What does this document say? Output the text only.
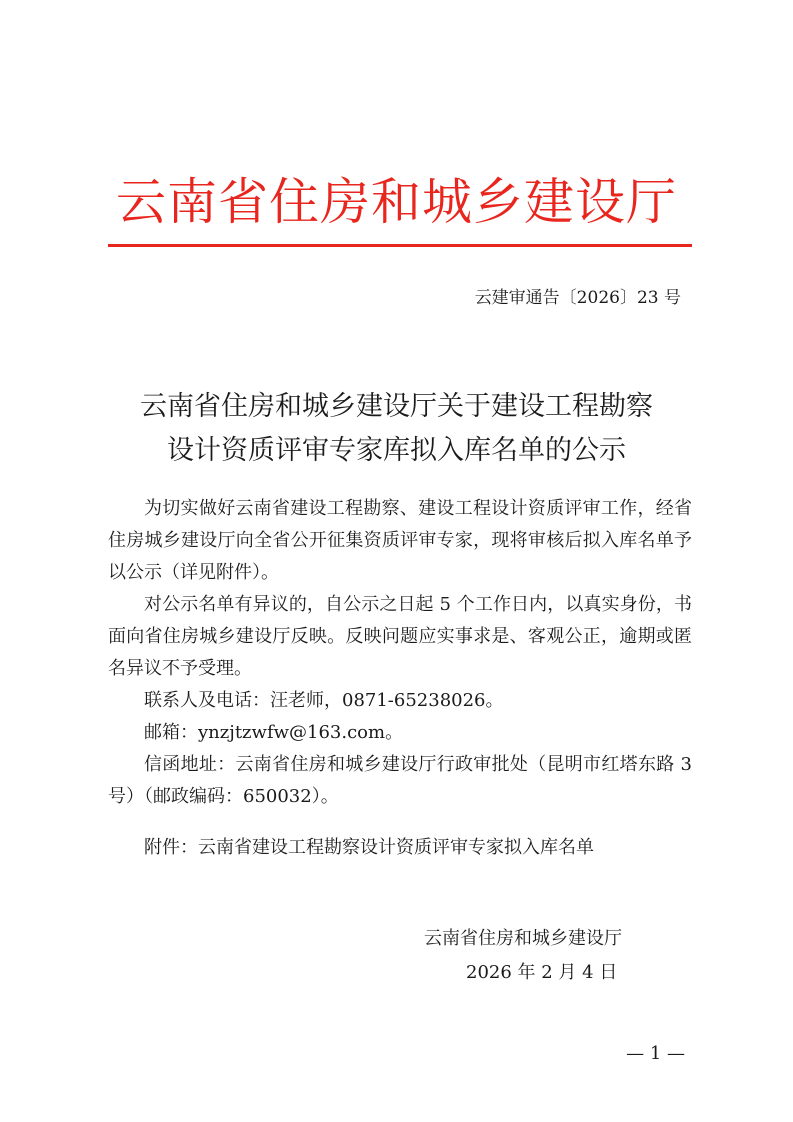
云南省住房和城乡建设厅
云建审通告〔2026〕23 号
云南省住房和城乡建设厅关于建设工程勘察
设计资质评审专家库拟入库名单的公示

为切实做好云南省建设工程勘察、建设工程设计资质评审工作，经省住房城乡建设厅向全省公开征集资质评审专家，现将审核后拟入库名单予以公示（详见附件）。

对公示名单有异议的，自公示之日起 5 个工作日内，以真实身份，书面向省住房城乡建设厅反映。反映问题应实事求是、客观公正，逾期或匿名异议不予受理。

联系人及电话：汪老师，0871-65238026。

邮箱：ynzjtzwfw@163.com。

信函地址：云南省住房和城乡建设厅行政审批处（昆明市红塔东路 3 号）（邮政编码：650032）。

附件：云南省建设工程勘察设计资质评审专家拟入库名单
云南省住房和城乡建设厅
2026 年 2 月 4 日
— 1 —
